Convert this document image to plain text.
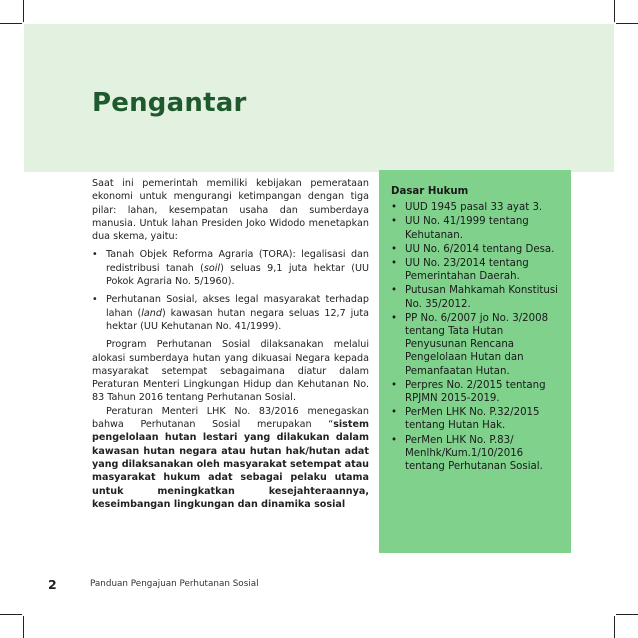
Pengantar

Saat ini pemerintah memiliki kebijakan pemerataan ekonomi untuk mengurangi ketimpangan dengan tiga pilar: lahan, kesempatan usaha dan sumberdaya manusia. Untuk lahan Presiden Joko Widodo menetapkan dua skema, yaitu:

• Tanah Objek Reforma Agraria (TORA): legalisasi dan redistribusi tanah (soil) seluas 9,1 juta hektar (UU Pokok Agraria No. 5/1960).
• Perhutanan Sosial, akses legal masyarakat terhadap lahan (land) kawasan hutan negara seluas 12,7 juta hektar (UU Kehutanan No. 41/1999).

Program Perhutanan Sosial dilaksanakan melalui alokasi sumberdaya hutan yang dikuasai Negara kepada masyarakat setempat sebagaimana diatur dalam Peraturan Menteri Lingkungan Hidup dan Kehutanan No. 83 Tahun 2016 tentang Perhutanan Sosial.

Peraturan Menteri LHK No. 83/2016 menegaskan bahwa Perhutanan Sosial merupakan “sistem pengelolaan hutan lestari yang dilakukan dalam kawasan hutan negara atau hutan hak/hutan adat yang dilaksanakan oleh masyarakat setempat atau masyarakat hukum adat sebagai pelaku utama untuk meningkatkan kesejahteraannya, keseimbangan lingkungan dan dinamika sosial

Dasar Hukum

• UUD 1945 pasal 33 ayat 3.
• UU No. 41/1999 tentang Kehutanan.
• UU No. 6/2014 tentang Desa.
• UU No. 23/2014 tentang Pemerintahan Daerah.
• Putusan Mahkamah Konstitusi No. 35/2012.
• PP No. 6/2007 jo No. 3/2008 tentang Tata Hutan Penyusunan Rencana Pengelolaan Hutan dan Pemanfaatan Hutan.
• Perpres No. 2/2015 tentang RPJMN 2015-2019.
• PerMen LHK No. P.32/2015 tentang Hutan Hak.
• PerMen LHK No. P.83/ Menlhk/Kum.1/10/2016 tentang Perhutanan Sosial.
2	Panduan Pengajuan Perhutanan Sosial
